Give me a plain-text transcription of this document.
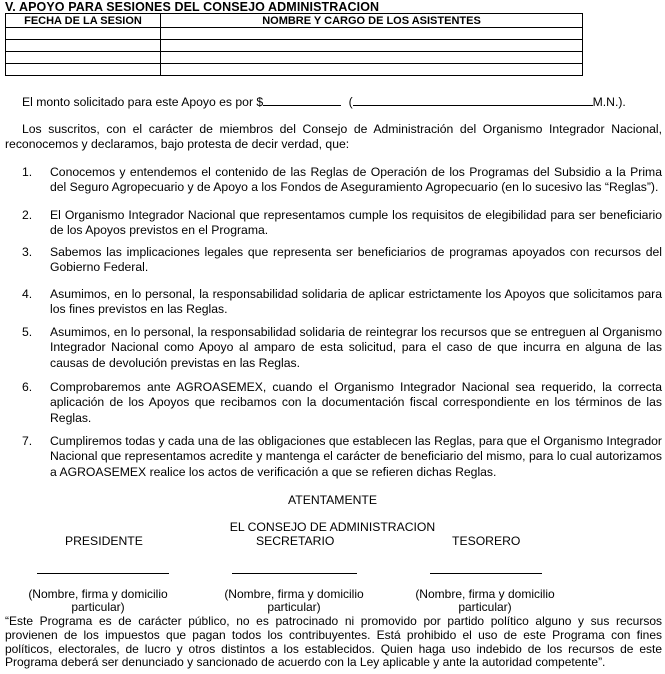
V. APOYO PARA SESIONES DEL CONSEJO ADMINISTRACION
FECHA DE LA SESION	NOMBRE Y CARGO DE LOS ASISTENTES

El monto solicitado para este Apoyo es por $	(	M.N.).
Los suscritos, con el carácter de miembros del Consejo de Administración del Organismo Integrador Nacional, reconocemos y declaramos, bajo protesta de decir verdad, que:
1. Conocemos y entendemos el contenido de las Reglas de Operación de los Programas del Subsidio a la Prima del Seguro Agropecuario y de Apoyo a los Fondos de Aseguramiento Agropecuario (en lo sucesivo las “Reglas”).
2. El Organismo Integrador Nacional que representamos cumple los requisitos de elegibilidad para ser beneficiario de los Apoyos previstos en el Programa.
3. Sabemos las implicaciones legales que representa ser beneficiarios de programas apoyados con recursos del Gobierno Federal.
4. Asumimos, en lo personal, la responsabilidad solidaria de aplicar estrictamente los Apoyos que solicitamos para los fines previstos en las Reglas.
5. Asumimos, en lo personal, la responsabilidad solidaria de reintegrar los recursos que se entreguen al Organismo Integrador Nacional como Apoyo al amparo de esta solicitud, para el caso de que incurra en alguna de las causas de devolución previstas en las Reglas.
6. Comprobaremos ante AGROASEMEX, cuando el Organismo Integrador Nacional sea requerido, la correcta aplicación de los Apoyos que recibamos con la documentación fiscal correspondiente en los términos de las Reglas.
7. Cumpliremos todas y cada una de las obligaciones que establecen las Reglas, para que el Organismo Integrador Nacional que representamos acredite y mantenga el carácter de beneficiario del mismo, para lo cual autorizamos a AGROASEMEX realice los actos de verificación a que se refieren dichas Reglas.
ATENTAMENTE
EL CONSEJO DE ADMINISTRACION
PRESIDENTE	SECRETARIO	TESORERO
(Nombre, firma y domicilio
particular)
(Nombre, firma y domicilio
particular)
(Nombre, firma y domicilio
particular)
“Este Programa es de carácter público, no es patrocinado ni promovido por partido político alguno y sus recursos provienen de los impuestos que pagan todos los contribuyentes. Está prohibido el uso de este Programa con fines políticos, electorales, de lucro y otros distintos a los establecidos. Quien haga uso indebido de los recursos de este Programa deberá ser denunciado y sancionado de acuerdo con la Ley aplicable y ante la autoridad competente”.
